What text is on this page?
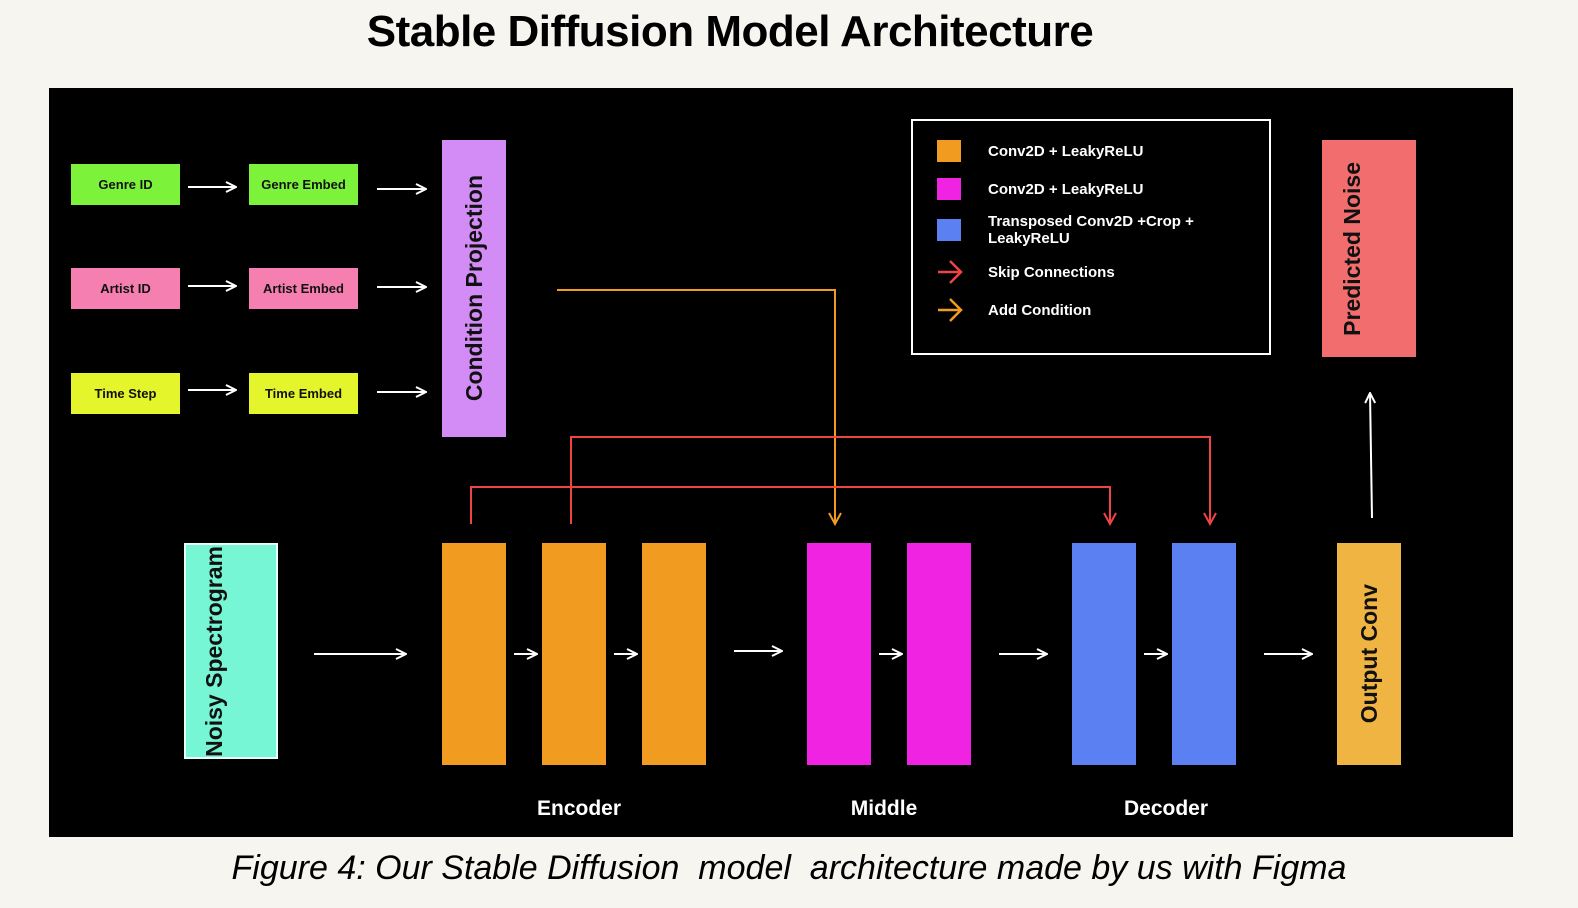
Stable Diffusion Model Architecture
Genre ID	Genre Embed
Artist ID	Artist Embed
Time Step	Time Embed	Condition Projection
Conv2D + LeakyReLU
Conv2D + LeakyReLU
Transposed Conv2D +Crop + LeakyReLU
Skip Connections
Add Condition	Predicted Noise
Noisy Spectrogram	Output Conv
Encoder	Middle	Decoder
Figure 4: Our Stable Diffusion  model  architecture made by us with Figma
